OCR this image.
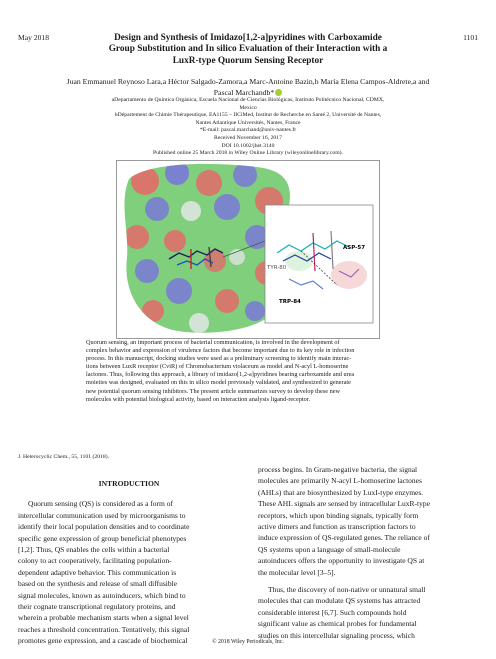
May 2018	1101
Design and Synthesis of Imidazo[1,2-a]pyridines with Carboxamide
Group Substitution and In silico Evaluation of their Interaction with a
LuxR-type Quorum Sensing Receptor
Juan Emmanuel Reynoso Lara,a Héctor Salgado-Zamora,a Marc-Antoine Bazin,b María Elena Campos-Aldrete,a and
Pascal Marchandb*
aDepartamento de Química Orgánica, Escuela Nacional de Ciencias Biológicas, Instituto Politécnico Nacional, CDMX,
Mexico
bDépartement de Chimie Thérapeutique, EA1155 – IICiMed, Institut de Recherche en Santé 2, Université de Nantes,
Nantes Atlantique Universités, Nantes, France
*E-mail: pascal.marchand@univ-nantes.fr
Received November 16, 2017
DOI 10.1002/jhet.3140
Published online 25 March 2018 in Wiley Online Library (wileyonlinelibrary.com).
ASP-57
TYR-80
TRP-84
Quorum sensing, an important process of bacterial communication, is involved in the development of
complex behavior and expression of virulence factors that become important due to its key role in infection
process. In this manuscript, docking studies were used as a preliminary screening to identify main interac-
tions between LuxR receptor (CviR) of Chromobacterium violaceum as model and N-acyl L-homoserine
lactones. Thus, following this approach, a library of imidazo[1,2-a]pyridines bearing carboxamide and urea
moieties was designed, evaluated on this in silico model previously validated, and synthesized to generate
new potential quorum sensing inhibitors. The present article summarizes survey to develop these new
molecules with potential biological activity, based on interaction analysis ligand-receptor.
J. Heterocyclic Chem., 55, 1101 (2018).
INTRODUCTION
Quorum sensing (QS) is considered as a form of
intercellular communication used by microorganisms to
identify their local population densities and to coordinate
specific gene expression of group beneficial phenotypes
[1,2]. Thus, QS enables the cells within a bacterial
colony to act cooperatively, facilitating population-
dependent adaptive behavior. This communication is
based on the synthesis and release of small diffusible
signal molecules, known as autoinducers, which bind to
their cognate transcriptional regulatory proteins, and
wherein a probable mechanism starts when a signal level
reaches a threshold concentration. Tentatively, this signal
promotes gene expression, and a cascade of biochemical
process begins. In Gram-negative bacteria, the signal
molecules are primarily N-acyl L-homoserine lactones
(AHLs) that are biosynthesized by LuxI-type enzymes.
These AHL signals are sensed by intracellular LuxR-type
receptors, which upon binding signals, typically form
active dimers and function as transcription factors to
induce expression of QS-regulated genes. The reliance of
QS systems upon a language of small-molecule
autoinducers offers the opportunity to investigate QS at
the molecular level [3–5].
Thus, the discovery of non-native or unnatural small
molecules that can modulate QS systems has attracted
considerable interest [6,7]. Such compounds hold
significant value as chemical probes for fundamental
studies on this intercellular signaling process, which
© 2018 Wiley Periodicals, Inc.
